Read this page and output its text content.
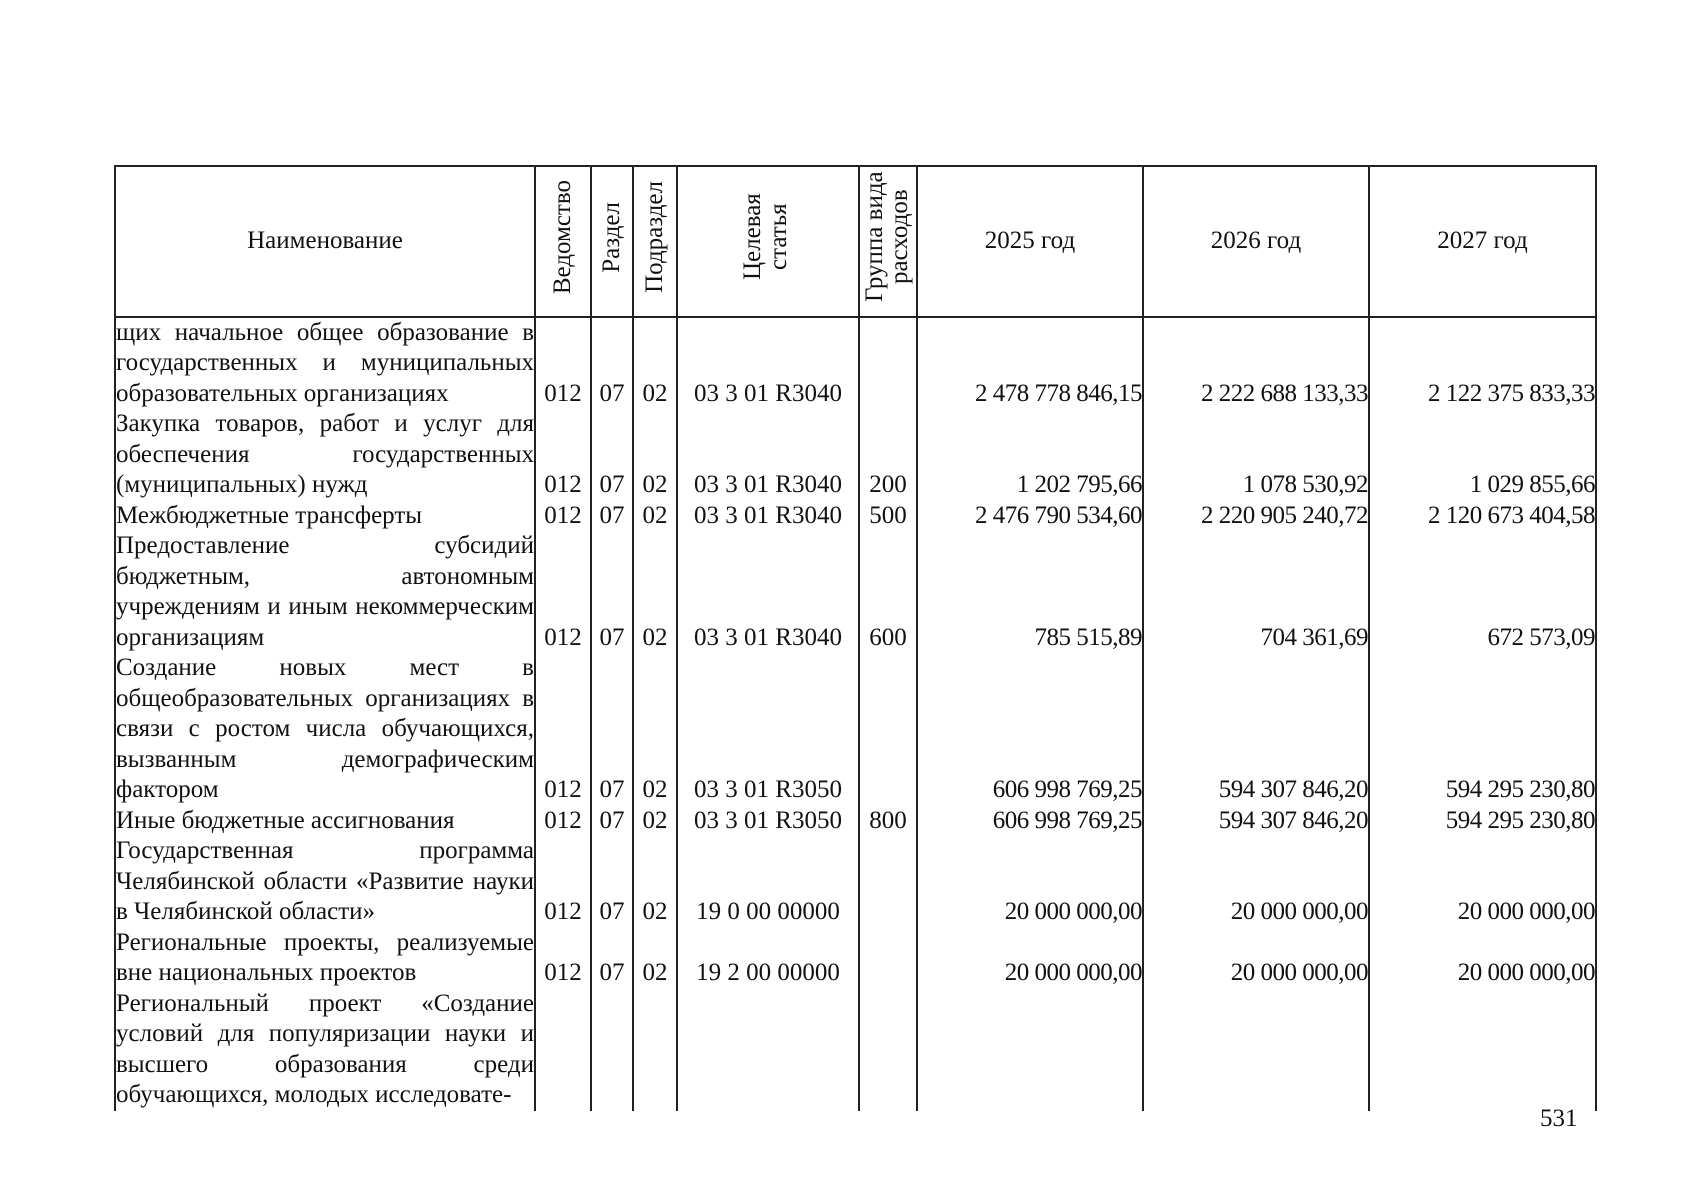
Наименование	Ведомство	Раздел	Подраздел	Целевая статья	Группа вида расходов	2025 год	2026 год	2027 год
щих начальное общее образование в государственных и муниципальных образовательных организациях	012	07	02	03 3 01 R3040		2 478 778 846,15	2 222 688 133,33	2 122 375 833,33
Закупка товаров, работ и услуг для обеспечения государственных (муниципальных) нужд	012	07	02	03 3 01 R3040	200	1 202 795,66	1 078 530,92	1 029 855,66
Межбюджетные трансферты	012	07	02	03 3 01 R3040	500	2 476 790 534,60	2 220 905 240,72	2 120 673 404,58
Предоставление субсидий бюджетным, автономным учреждениям и иным некоммерческим организациям	012	07	02	03 3 01 R3040	600	785 515,89	704 361,69	672 573,09
Создание новых мест в общеобразовательных организациях в связи с ростом числа обучающихся, вызванным демографическим фактором	012	07	02	03 3 01 R3050		606 998 769,25	594 307 846,20	594 295 230,80
Иные бюджетные ассигнования	012	07	02	03 3 01 R3050	800	606 998 769,25	594 307 846,20	594 295 230,80
Государственная программа Челябинской области «Развитие науки в Челябинской области»	012	07	02	19 0 00 00000		20 000 000,00	20 000 000,00	20 000 000,00
Региональные проекты, реализуемые вне национальных проектов	012	07	02	19 2 00 00000		20 000 000,00	20 000 000,00	20 000 000,00
Региональный проект «Создание условий для популяризации науки и высшего образования среди обучающихся, молодых исследовате-								
531
